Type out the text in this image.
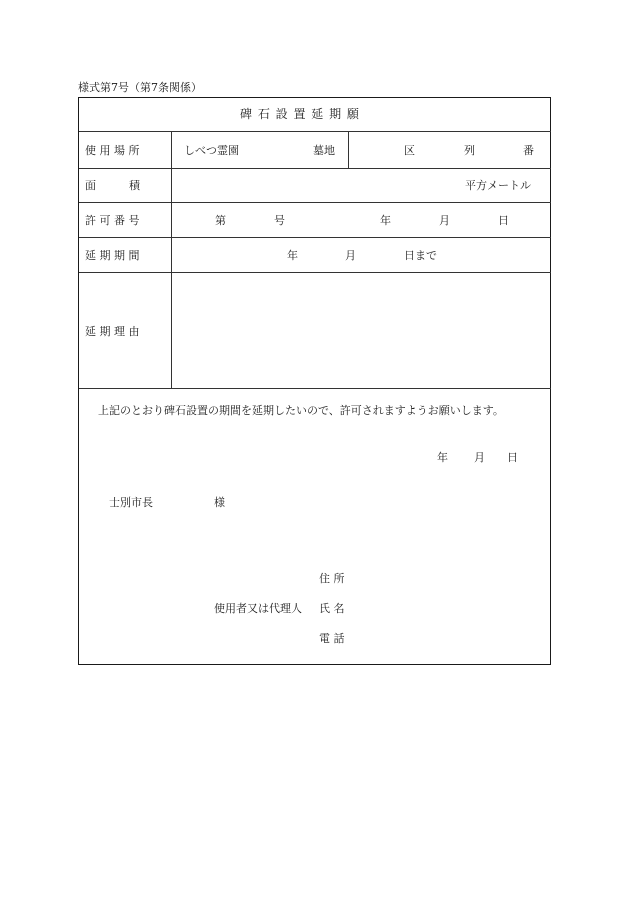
様式第7号（第7条関係）
碑 石 設 置 延 期 願
使 用 場 所	しべつ霊園	墓地	区	列	番
面　　　積	平方メートル
許 可 番 号	第	号	年	月	日
延 期 期 間	年	月	日まで
延 期 理 由
上記のとおり碑石設置の期間を延期したいので、許可されますようお願いします。
年 月 日
士別市長	様
住 所
使用者又は代理人 氏 名
電 話
